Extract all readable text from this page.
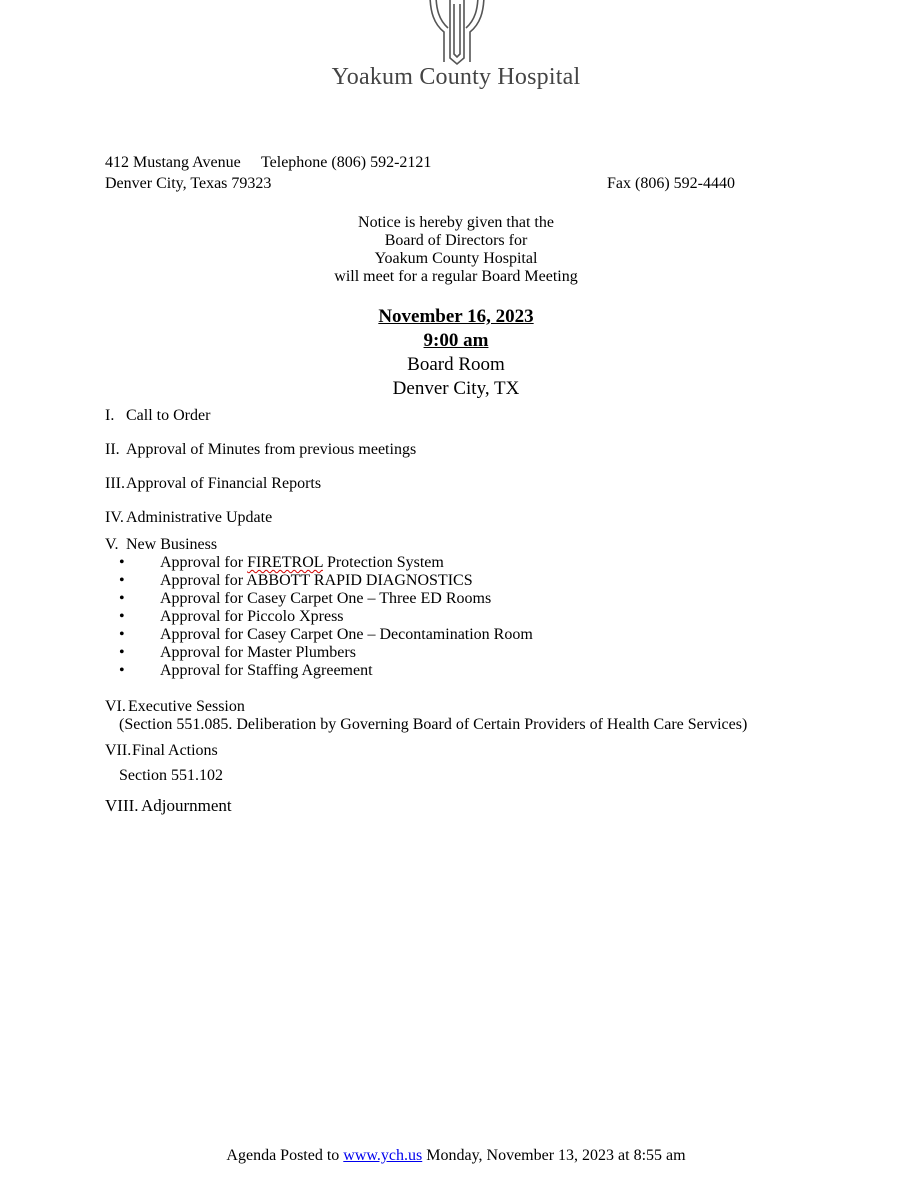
Yoakum County Hospital
412 Mustang Avenue Telephone (806) 592-2121
Denver City, Texas 79323	Fax (806) 592-4440
Notice is hereby given that the
Board of Directors for
Yoakum County Hospital
will meet for a regular Board Meeting
November 16, 2023
9:00 am
Board Room
Denver City, TX
I. Call to Order
II. Approval of Minutes from previous meetings
III. Approval of Financial Reports
IV. Administrative Update
V. New Business
• Approval for FIRETROL Protection System
• Approval for ABBOTT RAPID DIAGNOSTICS
• Approval for Casey Carpet One – Three ED Rooms
• Approval for Piccolo Xpress
• Approval for Casey Carpet One – Decontamination Room
• Approval for Master Plumbers
• Approval for Staffing Agreement
VI. Executive Session
(Section 551.085. Deliberation by Governing Board of Certain Providers of Health Care Services)
VII. Final Actions
Section 551.102
VIII. Adjournment
Agenda Posted to www.ych.us Monday, November 13, 2023 at 8:55 am
